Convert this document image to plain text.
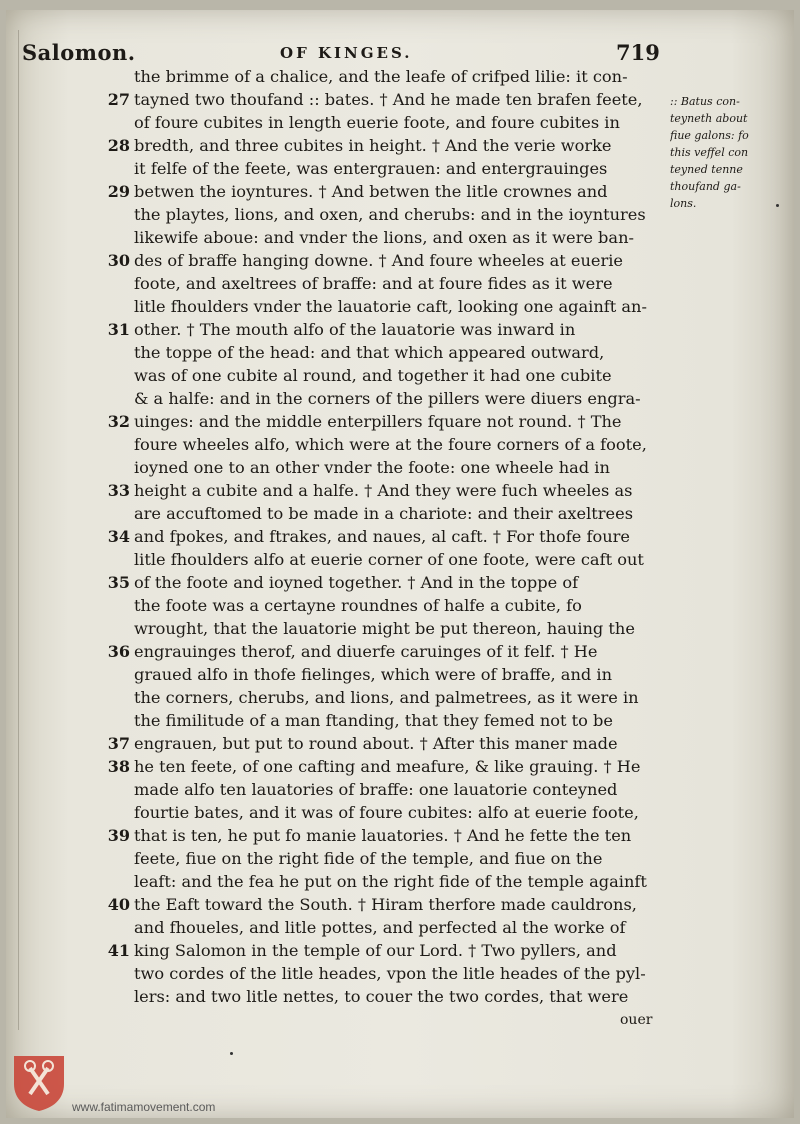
Salomon.	OF KINGES.	719
the brimme of a chalice, and the leafe of crifped lilie: it con-
27 tayned two thoufand :: bates. † And he made ten brafen feete,
of foure cubites in length euerie foote, and foure cubites in
28 bredth, and three cubites in height. † And the verie worke
it felfe of the feete, was entergrauen: and entergrauinges
29 betwen the ioyntures. † And betwen the litle crownes and
the playtes, lions, and oxen, and cherubs: and in the ioyntures
likewife aboue: and vnder the lions, and oxen as it were ban-
30 des of braffe hanging downe. † And foure wheeles at euerie
foote, and axeltrees of braffe: and at foure fides as it were
litle fhoulders vnder the lauatorie caft, looking one againft an-
31 other. † The mouth alfo of the lauatorie was inward in
the toppe of the head: and that which appeared outward,
was of one cubite al round, and together it had one cubite
& a halfe: and in the corners of the pillers were diuers engra-
32 uinges: and the middle enterpillers fquare not round. † The
foure wheeles alfo, which were at the foure corners of a foote,
ioyned one to an other vnder the foote: one wheele had in
33 height a cubite and a halfe. † And they were fuch wheeles as
are accuftomed to be made in a chariote: and their axeltrees
34 and fpokes, and ftrakes, and naues, al caft. † For thofe foure
litle fhoulders alfo at euerie corner of one foote, were caft out
35 of the foote and ioyned together. † And in the toppe of
the foote was a certayne roundnes of halfe a cubite, fo
wrought, that the lauatorie might be put thereon, hauing the
36 engrauinges therof, and diuerfe caruinges of it felf. † He
graued alfo in thofe fielinges, which were of braffe, and in
the corners, cherubs, and lions, and palmetrees, as it were in
the fimilitude of a man ftanding, that they femed not to be
37 engrauen, but put to round about. † After this maner made
38 he ten feete, of one cafting and meafure, & like grauing. † He
made alfo ten lauatories of braffe: one lauatorie conteyned
fourtie bates, and it was of foure cubites: alfo at euerie foote,
39 that is ten, he put fo manie lauatories. † And he fette the ten
feete, fiue on the right fide of the temple, and fiue on the
leaft: and the fea he put on the right fide of the temple againft
40 the Eaft toward the South. † Hiram therfore made cauldrons,
and fhoueles, and litle pottes, and perfected al the worke of
41 king Salomon in the temple of our Lord. † Two pyllers, and
two cordes of the litle heades, vpon the litle heades of the pyl-
lers: and two litle nettes, to couer the two cordes, that were
:: Batus con-
teyneth about
fiue galons: fo
this veffel con
teyned tenne
thoufand ga-
lons.
ouer
www.fatimamovement.com
